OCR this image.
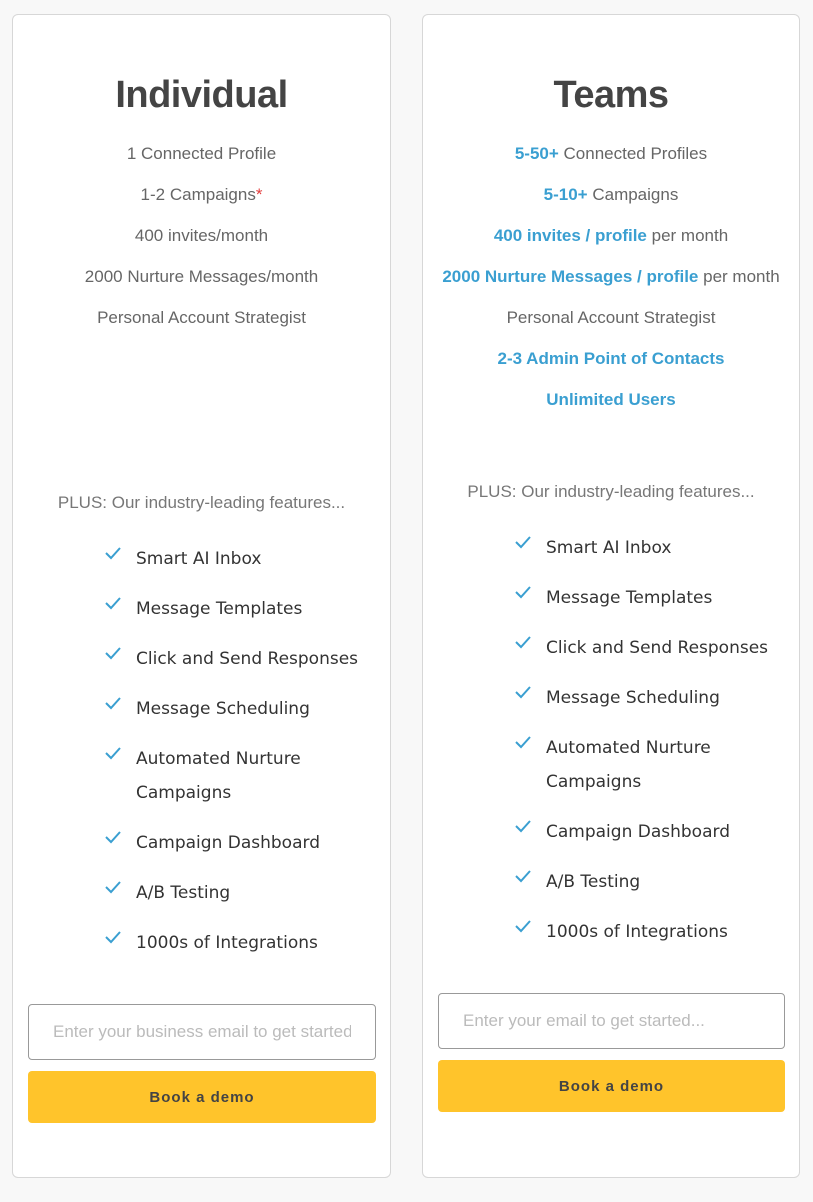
Individual
1 Connected Profile
1-2 Campaigns*
400 invites/month
2000 Nurture Messages/month
Personal Account Strategist
PLUS: Our industry-leading features...
Smart AI Inbox
Message Templates
Click and Send Responses
Message Scheduling
Automated Nurture Campaigns
Campaign Dashboard
A/B Testing
1000s of Integrations
Enter your business email to get started...
Book a demo
Teams
5-50+ Connected Profiles
5-10+ Campaigns
400 invites / profile per month
2000 Nurture Messages / profile per month
Personal Account Strategist
2-3 Admin Point of Contacts
Unlimited Users
PLUS: Our industry-leading features...
Smart AI Inbox
Message Templates
Click and Send Responses
Message Scheduling
Automated Nurture Campaigns
Campaign Dashboard
A/B Testing
1000s of Integrations
Enter your email to get started...
Book a demo
